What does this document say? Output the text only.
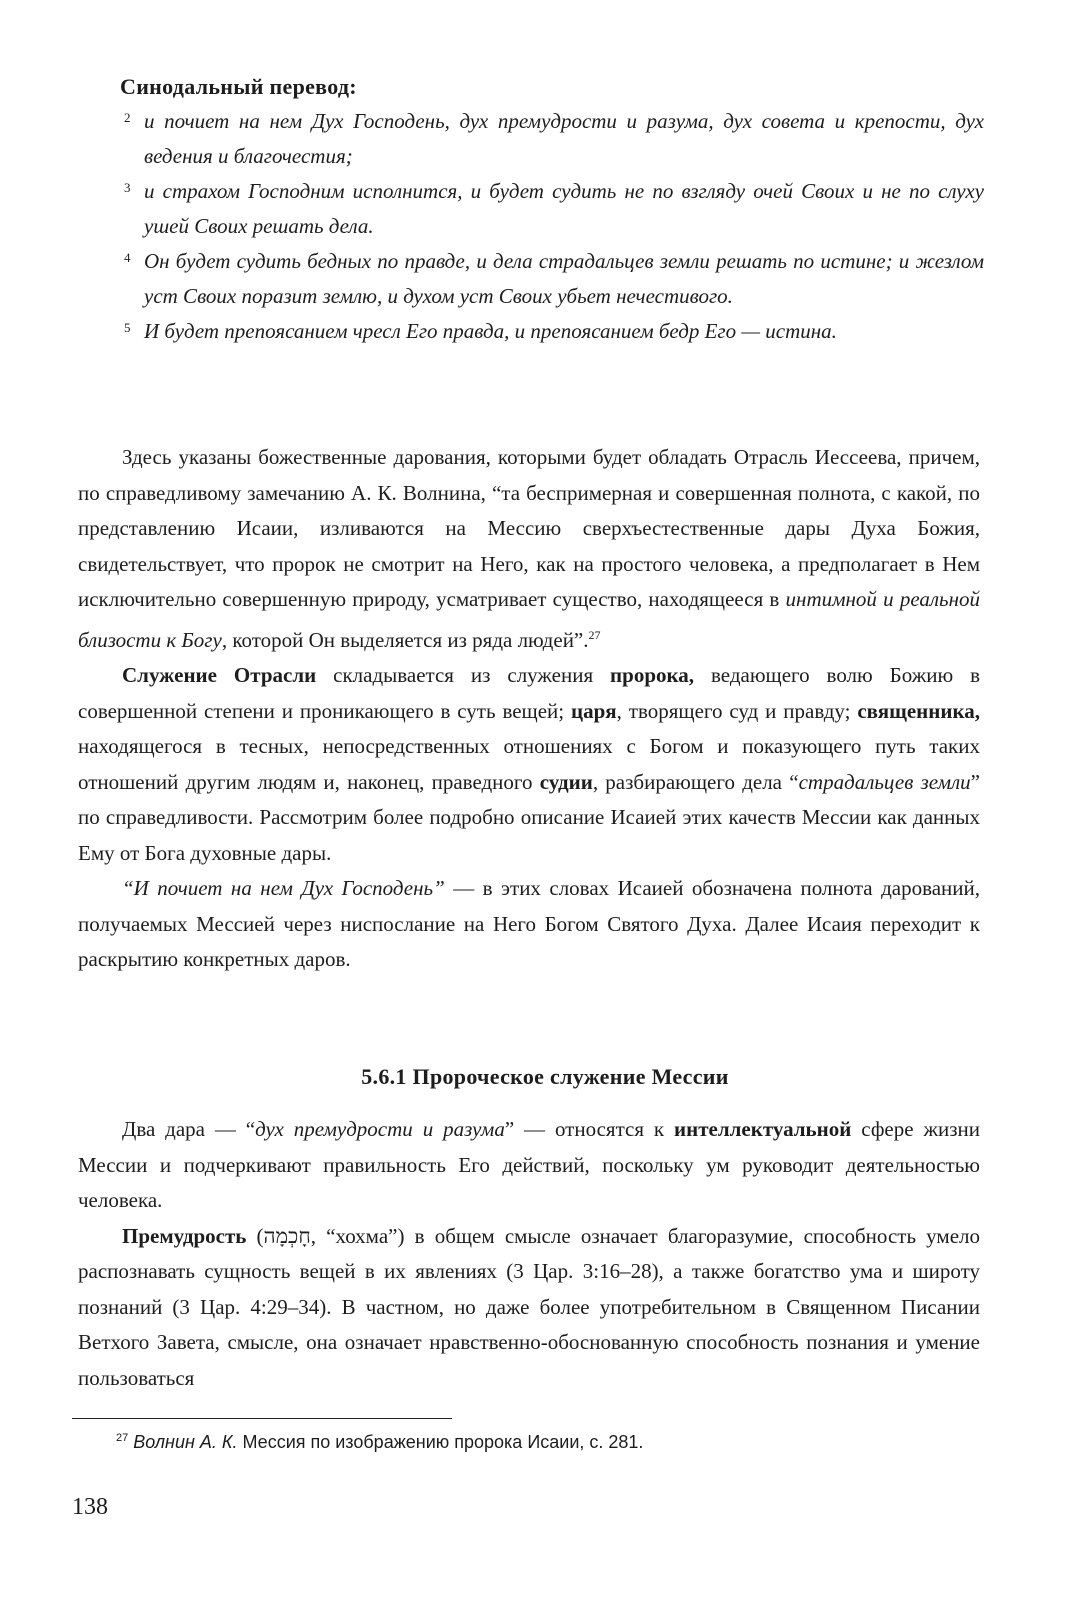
Синодальный перевод:

2 и почиет на нем Дух Господень, дух премудрости и разума, дух совета и крепости, дух ведения и благочестия;

3 и страхом Господним исполнится, и будет судить не по взгляду очей Своих и не по слуху ушей Своих решать дела.

4 Он будет судить бедных по правде, и дела страдальцев земли решать по истине; и жезлом уст Своих поразит землю, и духом уст Своих убьет нечестивого.

5 И будет препоясанием чресл Его правда, и препоясанием бедр Его — истина.

Здесь указаны божественные дарования, которыми будет обладать Отрасль Иессеева, причем, по справедливому замечанию А. К. Волнина, “та беспримерная и совершенная полнота, с какой, по представлению Исаии, изливаются на Мессию сверхъестественные дары Духа Божия, свидетельствует, что пророк не смотрит на Него, как на простого человека, а предполагает в Нем исключительно совершенную природу, усматривает существо, находящееся в интимной и реальной близости к Богу, которой Он выделяется из ряда людей”.$^{27}$

Служение Отрасли складывается из служения пророка, ведающего волю Божию в совершенной степени и проникающего в суть вещей; царя, творящего суд и правду; священника, находящегося в тесных, непосредственных отношениях с Богом и показующего путь таких отношений другим людям и, наконец, праведного судии, разбирающего дела “страдальцев земли” по справедливости. Рассмотрим более подробно описание Исаией этих качеств Мессии как данных Ему от Бога духовные дары.

“И почиет на нем Дух Господень” — в этих словах Исаией обозначена полнота дарований, получаемых Мессией через ниспослание на Него Богом Святого Духа. Далее Исаия переходит к раскрытию конкретных даров.

5.6.1 Пророческое служение Мессии

Два дара — “дух премудрости и разума” — относятся к интеллектуальной сфере жизни Мессии и подчеркивают правильность Его действий, поскольку ум руководит деятельностью человека.

Премудрость (חָכְמָה, “хохма”) в общем смысле означает благоразумие, способность умело распознавать сущность вещей в их явлениях (3 Цар. 3:16–28), а также богатство ума и широту познаний (3 Цар. 4:29–34). В частном, но даже более употребительном в Священном Писании Ветхого Завета, смысле, она означает нравственно-обоснованную способность познания и умение пользоваться

$^{27}$ Волнин А. К. Мессия по изображению пророка Исаии, с. 281.
138
